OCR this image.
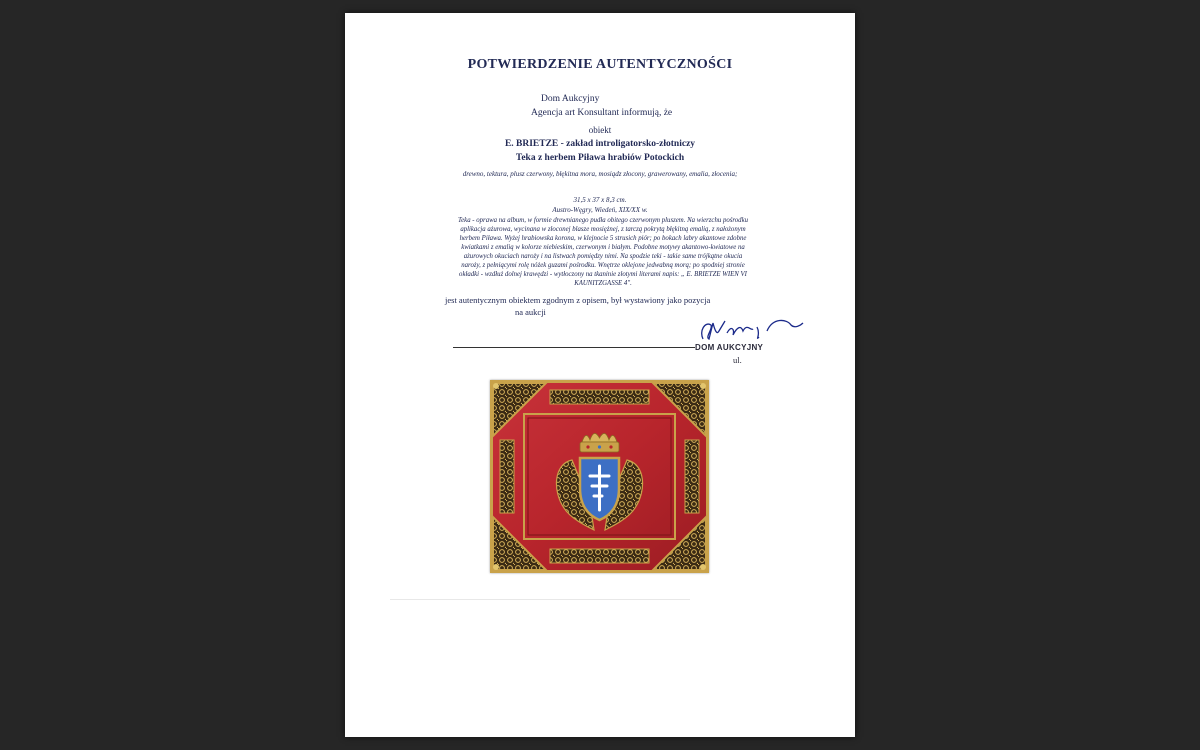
POTWIERDZENIE AUTENTYCZNOŚCI
Dom Aukcyjny
Agencja art Konsultant informują, że
obiekt
E. BRIETZE - zakład introligatorsko-złotniczy
Teka z herbem Piława hrabiów Potockich
drewno, tektura, plusz czerwony, błękitna mora, mosiądz złocony, grawerowany, emalia, złocenia;
31,5 x 37 x 8,3 cm.
Austro-Węgry, Wiedeń, XIX/XX w.
Teka - oprawa na album, w formie drewnianego pudła obitego czerwonym pluszem. Na wierzchu pośrodku aplikacja ażurowa, wycinana w złoconej blasze mosiężnej, z tarczą pokrytą błękitną emalią, z nałożonym herbem Piława. Wyżej hrabiowska korona, w klejnocie 5 strusich piór; po bokach labry akantowe zdobne kwiatkami z emalią w kolorze niebieskim, czerwonym i białym. Podobne motywy akantowo-kwiatowe na ażurowych okuciach naroży i na listwach pomiędzy nimi. Na spodzie teki - takie same trójkątne okucia naroży, z pełniącymi rolę nóżek guzami pośrodku. Wnętrze oklejone jedwabną morą; po spodniej stronie okładki - wzdłuż dolnej krawędzi - wytłoczony na tkaninie złotymi literami napis: „ E. BRIETZE WIEN VI KAUNITZGASSE 4".
jest autentycznym obiektem zgodnym z opisem, był wystawiony jako pozycja
na aukcji
DOM AUKCYJNY
ul.
